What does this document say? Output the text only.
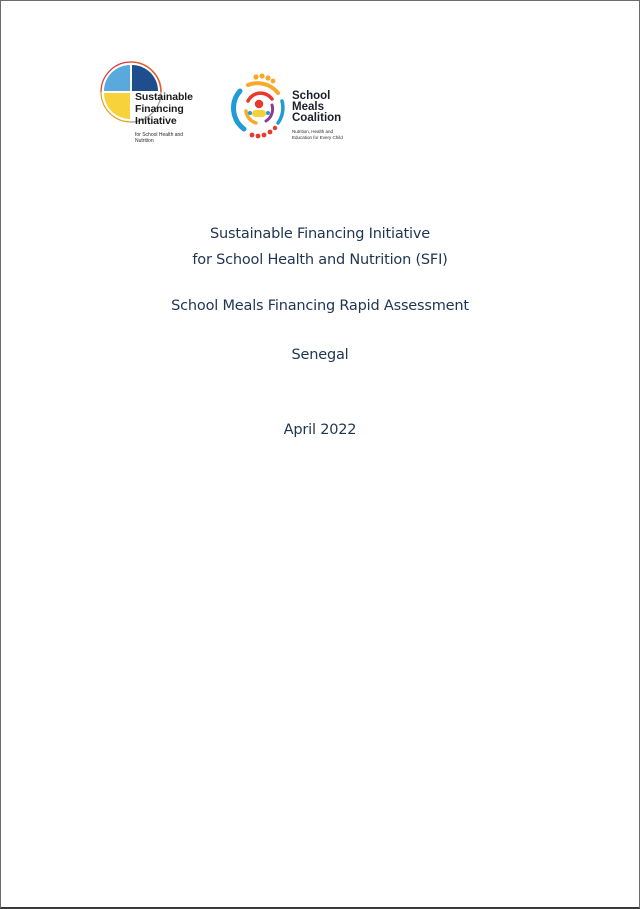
Sustainable
Financing
Initiative
for School Health and
Nutrition
School
Meals
Coalition
Nutrition, Health and
Education for Every Child
Sustainable Financing Initiative
for School Health and Nutrition (SFI)
School Meals Financing Rapid Assessment
Senegal
April 2022
